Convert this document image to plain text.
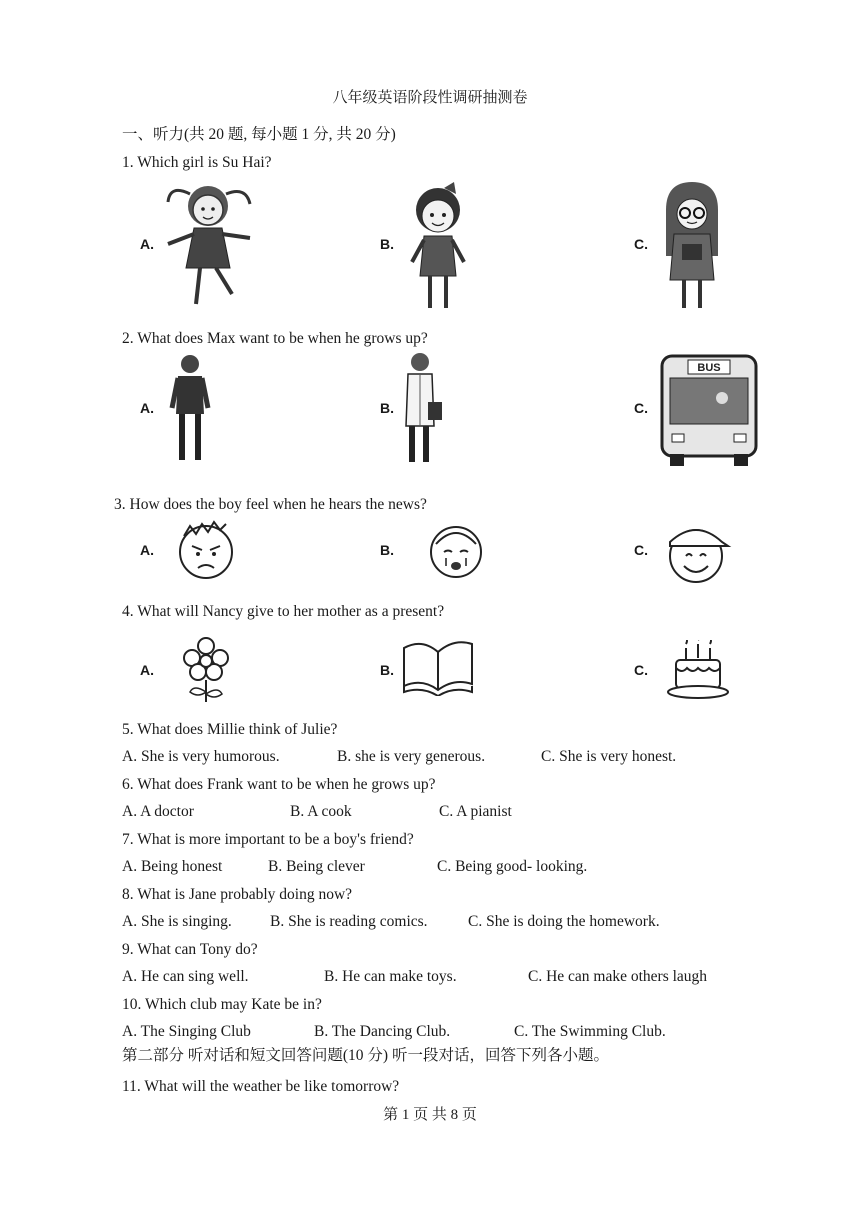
八年级英语阶段性调研抽测卷
一、听力(共 20 题, 每小题 1 分, 共 20 分)
1. Which girl is Su Hai?
A.	B.	C.
2. What does Max want to be when he grows up?
A.	B.	C.
BUS
3. How does the boy feel when he hears the news?
A.	B.	C.
4. What will Nancy give to her mother as a present?
A.	B.	C.
5. What does Millie think of Julie?
A. She is very humorous.	B. she is very generous.	C. She is very honest.
6. What does Frank want to be when he grows up?
A. A doctor	B. A cook	C. A pianist
7. What is more important to be a boy's friend?
A. Being honest	B. Being clever	C. Being good- looking.
8. What is Jane probably doing now?
A. She is singing. B. She is reading comics.	C. She is doing the homework.
9. What can Tony do?
A. He can sing well.	B. He can make toys.	C. He can make others laugh
10. Which club may Kate be in?
A. The Singing Club	B. The Dancing Club.	C. The Swimming Club.
第二部分 听对话和短文回答问题(10 分) 听一段对话，回答下列各小题。
11. What will the weather be like tomorrow?
第 1 页 共 8 页
